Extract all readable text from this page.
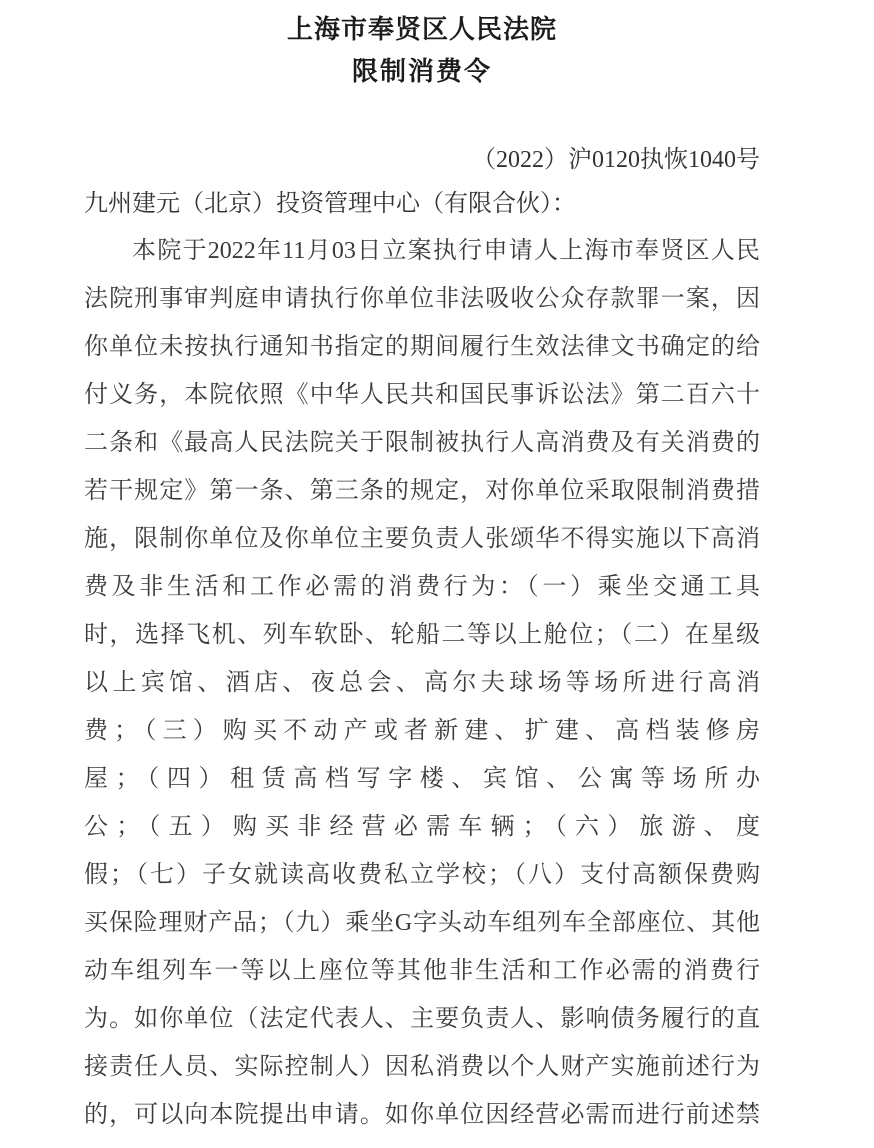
上海市奉贤区人民法院
限制消费令
（2022）沪0120执恢1040号
九州建元（北京）投资管理中心（有限合伙）：
本院于2022年11月03日立案执行申请人上海市奉贤区人民
法院刑事审判庭申请执行你单位非法吸收公众存款罪一案，因
你单位未按执行通知书指定的期间履行生效法律文书确定的给
付义务，本院依照《中华人民共和国民事诉讼法》第二百六十
二条和《最高人民法院关于限制被执行人高消费及有关消费的
若干规定》第一条、第三条的规定，对你单位采取限制消费措
施，限制你单位及你单位主要负责人张颂华不得实施以下高消
费及非生活和工作必需的消费行为：（一）乘坐交通工具
时，选择飞机、列车软卧、轮船二等以上舱位；（二）在星级
以上宾馆、酒店、夜总会、高尔夫球场等场所进行高消
费；（三）购买不动产或者新建、扩建、高档装修房
屋；（四）租赁高档写字楼、宾馆、公寓等场所办
公；（五）购买非经营必需车辆；（六）旅游、度
假；（七）子女就读高收费私立学校；（八）支付高额保费购
买保险理财产品；（九）乘坐G字头动车组列车全部座位、其他
动车组列车一等以上座位等其他非生活和工作必需的消费行
为。如你单位（法定代表人、主要负责人、影响债务履行的直
接责任人员、实际控制人）因私消费以个人财产实施前述行为
的，可以向本院提出申请。如你单位因经营必需而进行前述禁
